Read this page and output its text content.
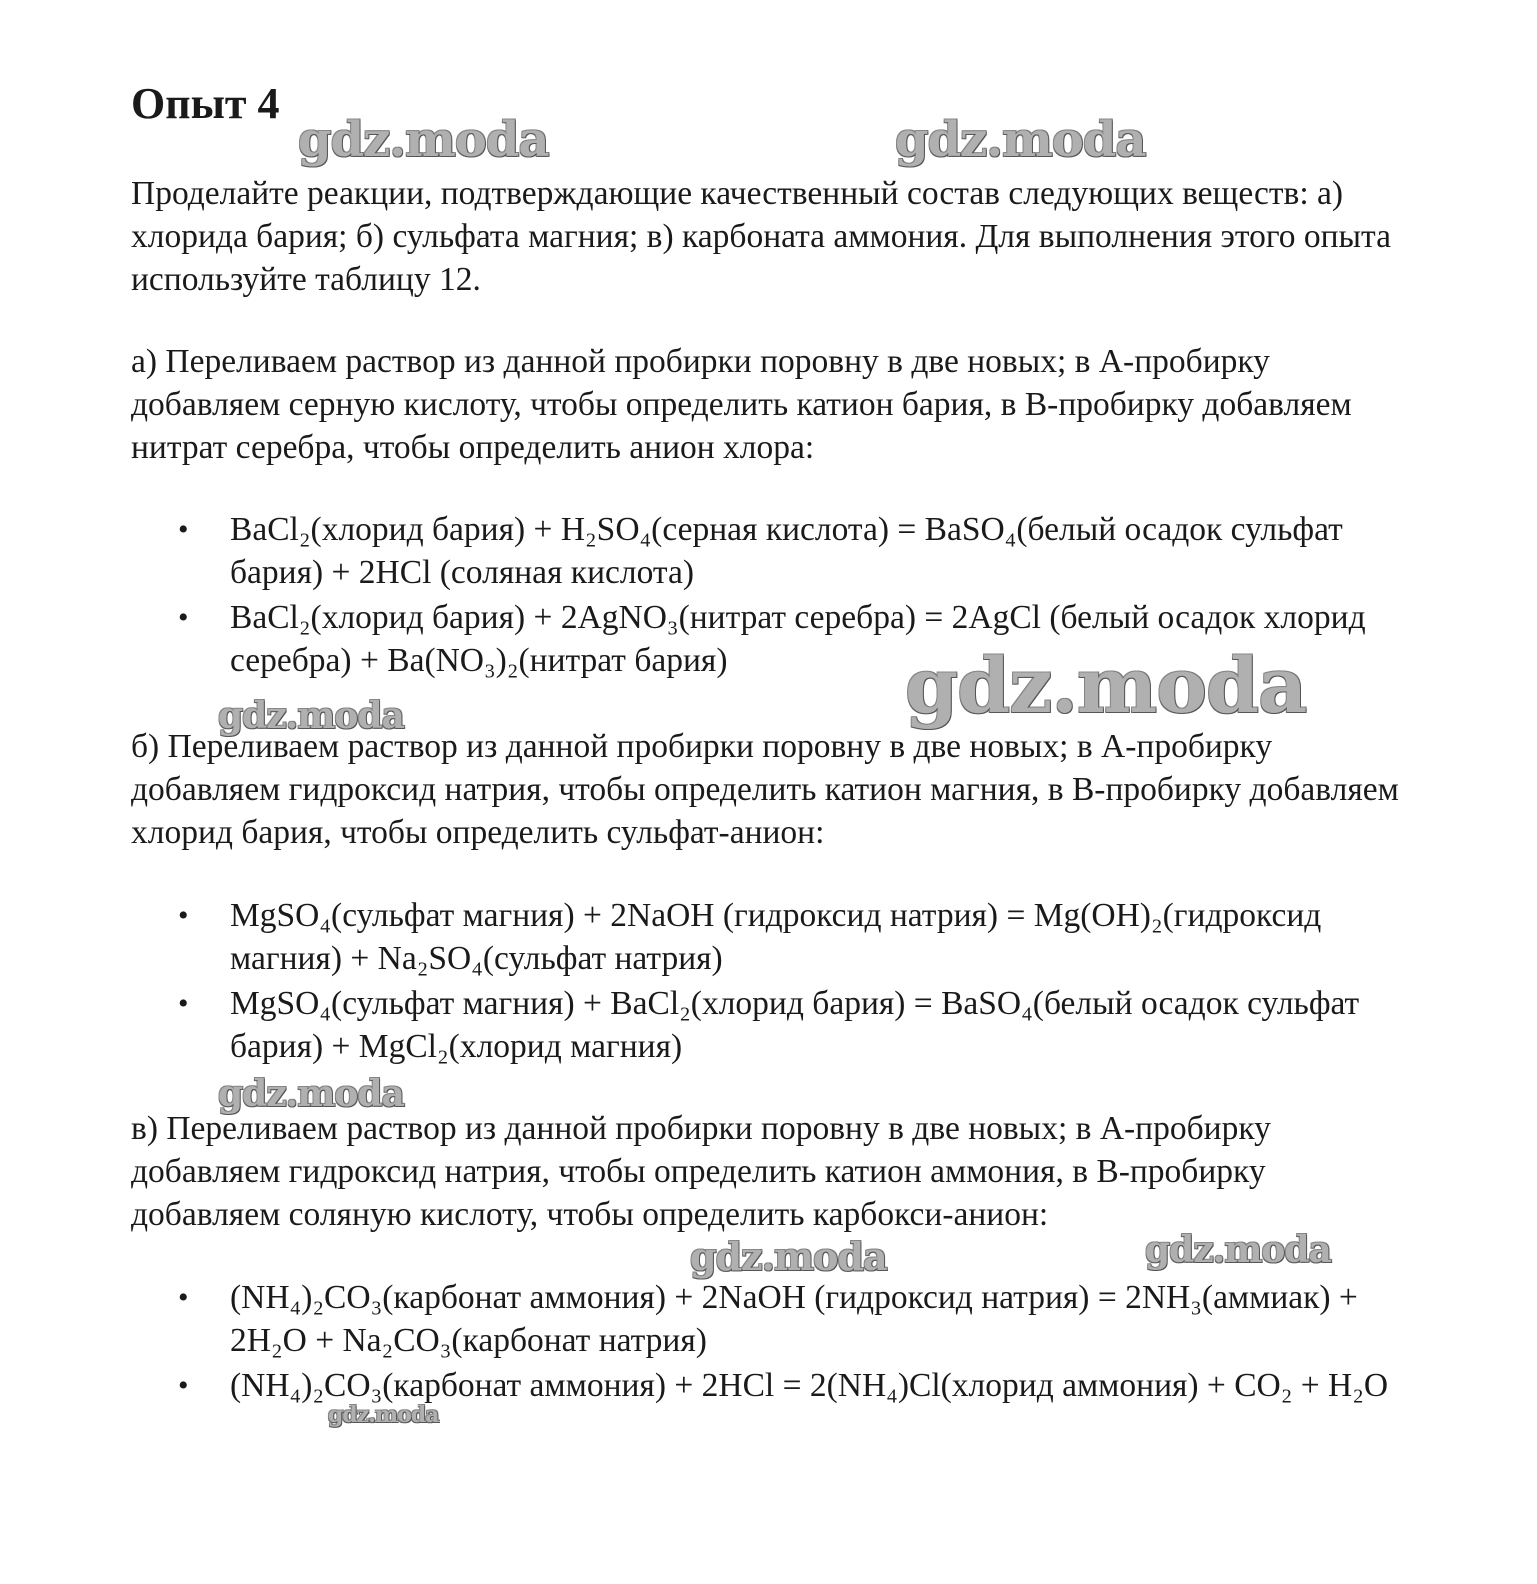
Опыт 4

Проделайте реакции, подтверждающие качественный состав следующих веществ: а) хлорида бария; б) сульфата магния; в) карбоната аммония. Для выполнения этого опыта используйте таблицу 12.

а) Переливаем раствор из данной пробирки поровну в две новых; в А-пробирку добавляем серную кислоту, чтобы определить катион бария, в В-пробирку добавляем нитрат серебра, чтобы определить анион хлора:

• BaCl₂(хлорид бария) + H₂SO₄(серная кислота) = BaSO₄(белый осадок сульфат бария) + 2HCl (соляная кислота)
• BaCl₂(хлорид бария) + 2AgNO₃(нитрат серебра) = 2AgCl (белый осадок хлорид серебра) + Ba(NO₃)₂(нитрат бария)

б) Переливаем раствор из данной пробирки поровну в две новых; в А-пробирку добавляем гидроксид натрия, чтобы определить катион магния, в В-пробирку добавляем хлорид бария, чтобы определить сульфат-анион:

• MgSO₄(сульфат магния) + 2NaOH (гидроксид натрия) = Mg(OH)₂(гидроксид магния) + Na₂SO₄(сульфат натрия)
• MgSO₄(сульфат магния) + BaCl₂(хлорид бария) = BaSO₄(белый осадок сульфат бария) + MgCl₂(хлорид магния)

в) Переливаем раствор из данной пробирки поровну в две новых; в А-пробирку добавляем гидроксид натрия, чтобы определить катион аммония, в В-пробирку добавляем соляную кислоту, чтобы определить карбокси-анион:

• (NH₄)₂CO₃(карбонат аммония) + 2NaOH (гидроксид натрия) = 2NH₃(аммиак) + 2H₂O + Na₂CO₃(карбонат натрия)
• (NH₄)₂CO₃(карбонат аммония) + 2HCl = 2(NH₄)Cl(хлорид аммония) + CO₂ + H₂O
gdz.moda	gdz.moda
gdz.moda
gdz.moda
gdz.moda
gdz.moda	gdz.moda
gdz.moda
